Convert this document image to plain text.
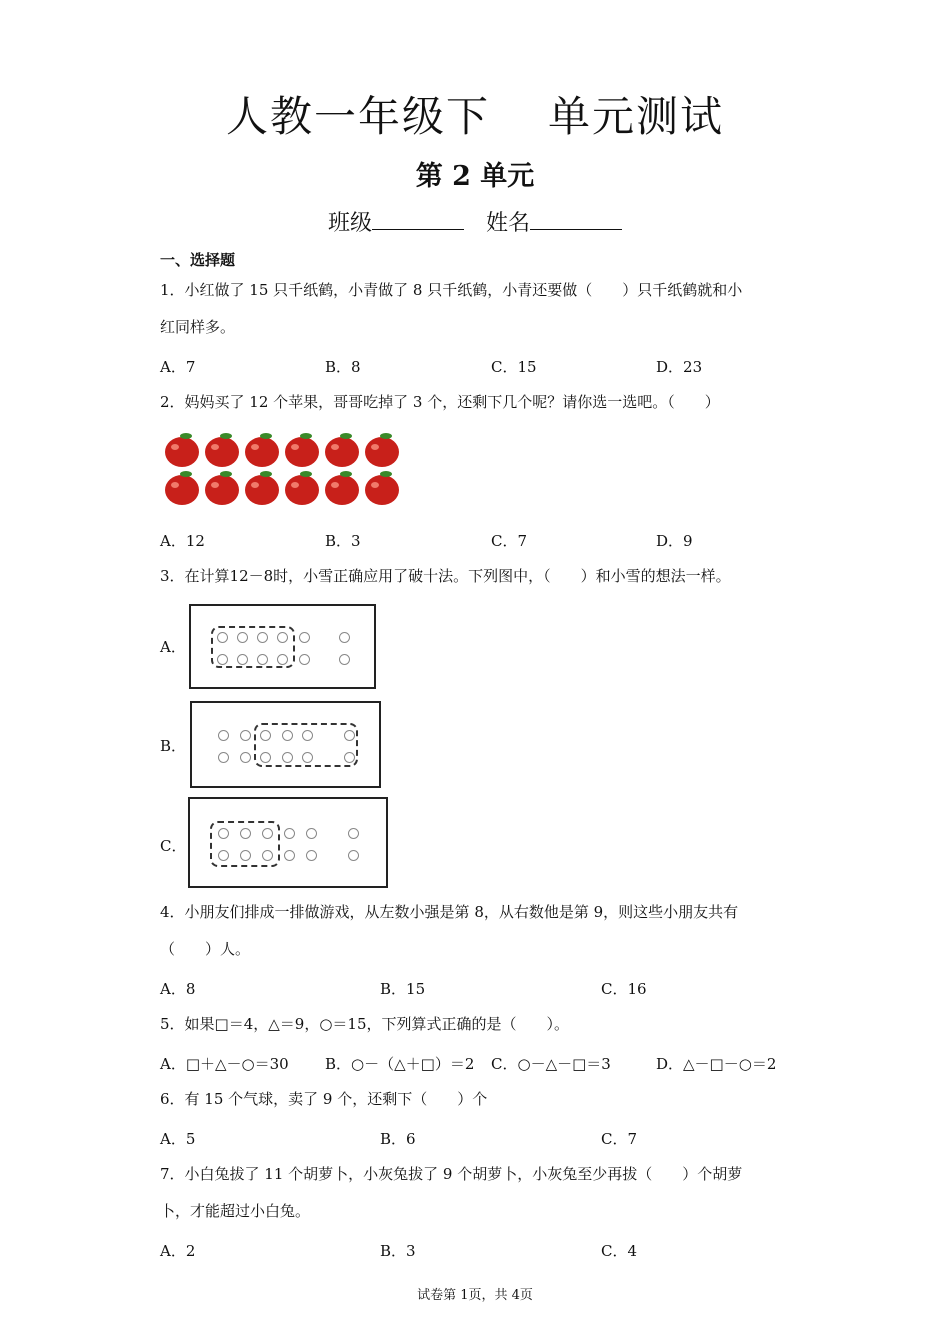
人教一年级下 单元测试
第 2 单元
班级	姓名
一、选择题
1．小红做了 15 只千纸鹤，小青做了 8 只千纸鹤，小青还要做（　　）只千纸鹤就和小
红同样多。
A．7	B．8	C．15	D．23
2．妈妈买了 12 个苹果，哥哥吃掉了 3 个，还剩下几个呢？请你选一选吧。（　　）
A．12	B．3	C．7	D．9
3．在计算12－8时，小雪正确应用了破十法。下列图中，（　　）和小雪的想法一样。
A．
B．
C．
4．小朋友们排成一排做游戏，从左数小强是第 8，从右数他是第 9，则这些小朋友共有
（　　）人。
A．8	B．15	C．16
5．如果□＝4，△＝9，○＝15，下列算式正确的是（　　）。
A．□＋△－○＝30 B．○－（△＋□）＝2 C．○－△－□＝3	D．△－□－○＝2
6．有 15 个气球，卖了 9 个，还剩下（　　）个
A．5	B．6	C．7
7．小白兔拔了 11 个胡萝卜，小灰兔拔了 9 个胡萝卜，小灰兔至少再拔（　　）个胡萝
卜，才能超过小白兔。
A．2	B．3	C．4
试卷第 1页，共 4页
